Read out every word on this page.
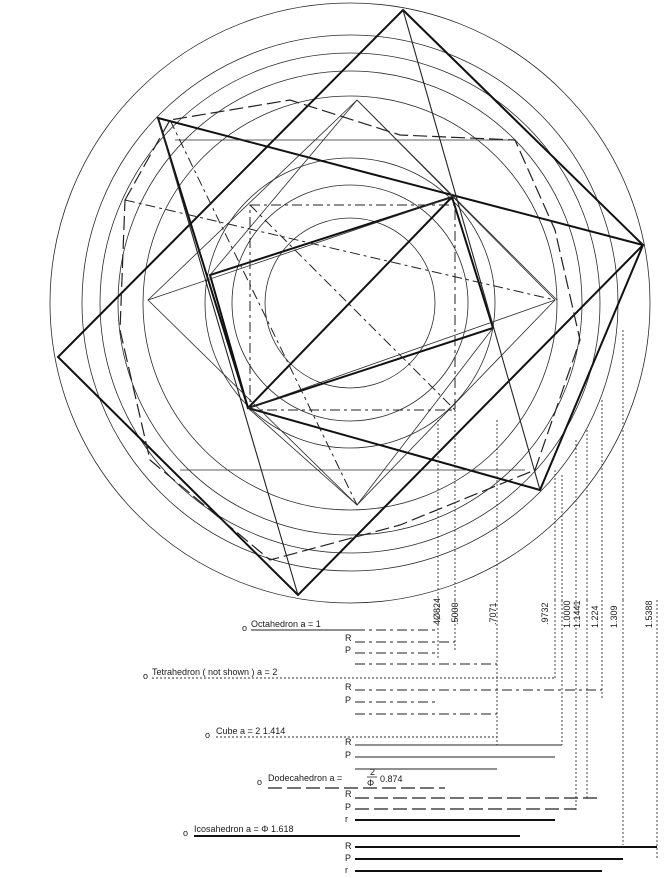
4Ø824 .5000	.7071	.9732 1.0000 1.1441 1.224 1.309	1.5388
o Octahedron a = 1
R
P
o Tetrahedron ( not shown ) a = 2
R
P
o Cube a = 2 1.414
R
P
o Dodecahedron a =
2
Φ 0.874
R
P
r
o Icosahedron a = Φ 1.618
R
P
r
